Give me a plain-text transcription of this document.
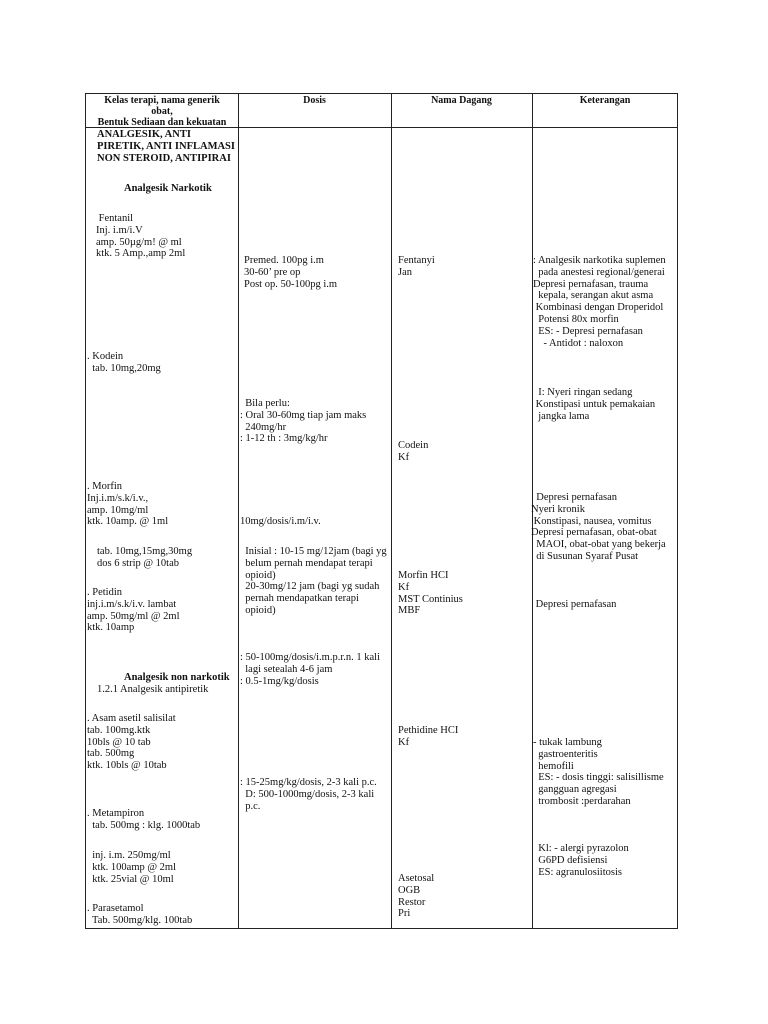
Kelas terapi, nama generik
obat,
Bentuk Sediaan dan kekuatan
Dosis	Nama Dagang	Keterangan
ANALGESIK, ANTI
PIRETIK, ANTI INFLAMASI
NON STEROID, ANTIPIRAI
Analgesik Narkotik
Fentanil
Inj. i.m/i.V
amp. 50µg/m! @ ml
ktk. 5 Amp.,amp 2ml
Premed. 100pg i.m
30-60’ pre op
Post op. 50-100pg i.m
Fentanyi
Jan
: Analgesik narkotika suplemen
pada anestesi regional/generai
Depresi pernafasan, trauma
kepala, serangan akut asma
Kombinasi dengan Droperidol
Potensi 80x morfin
ES: - Depresi pernafasan
- Antidot : naloxon
. Kodein
tab. 10mg,20mg
Bila perlu:
: Oral 30-60mg tiap jam maks
240mg/hr
: 1-12 th : 3mg/kg/hr
Codein
Kf
I: Nyeri ringan sedang
Konstipasi untuk pemakaian
jangka lama
. Morfin
Inj.i.m/s.k/i.v.,
amp. 10mg/ml
ktk. 10amp. @ 1ml
tab. 10mg,15mg,30mg
dos 6 strip @ 10tab
10mg/dosis/i.m/i.v.
Inisial : 10-15 mg/12jam (bagi yg
belum pernah mendapat terapi
opioid)
20-30mg/12 jam (bagi yg sudah
pernah mendapatkan terapi
opioid)
Morfin HCI
Kf
MST Continius
MBF
Depresi pernafasan
Nyeri kronik
Konstipasi, nausea, vomitus
Depresi pernafasan, obat-obat
MAOI, obat-obat yang bekerja
di Susunan Syaraf Pusat
. Petidin
inj.i.m/s.k/i.v. lambat
amp. 50mg/ml @ 2ml
ktk. 10amp
: 50-100mg/dosis/i.m.p.r.n. 1 kali
lagi setealah 4-6 jam
: 0.5-1mg/kg/dosis
Pethidine HCI
Kf
Depresi pernafasan
Analgesik non narkotik
1.2.1 Analgesik antipiretik
. Asam asetil salisilat
tab. 100mg.ktk
10bls @ 10 tab
tab. 500mg
ktk. 10bls @ 10tab
: 15-25mg/kg/dosis, 2-3 kali p.c.
D: 500-1000mg/dosis, 2-3 kali
p.c.
Asetosal
OGB
Restor
Pri
- tukak lambung
gastroenteritis
hemofili
ES: - dosis tinggi: salisillisme
gangguan agregasi
trombosit :perdarahan
. Metampiron
tab. 500mg : klg. 1000tab
inj. i.m. 250mg/ml
ktk. 100amp @ 2ml
ktk. 25vial @ 10ml
Kl: - alergi pyrazolon
G6PD defisiensi
ES: agranulosiitosis
. Parasetamol
Tab. 500mg/klg. 100tab
